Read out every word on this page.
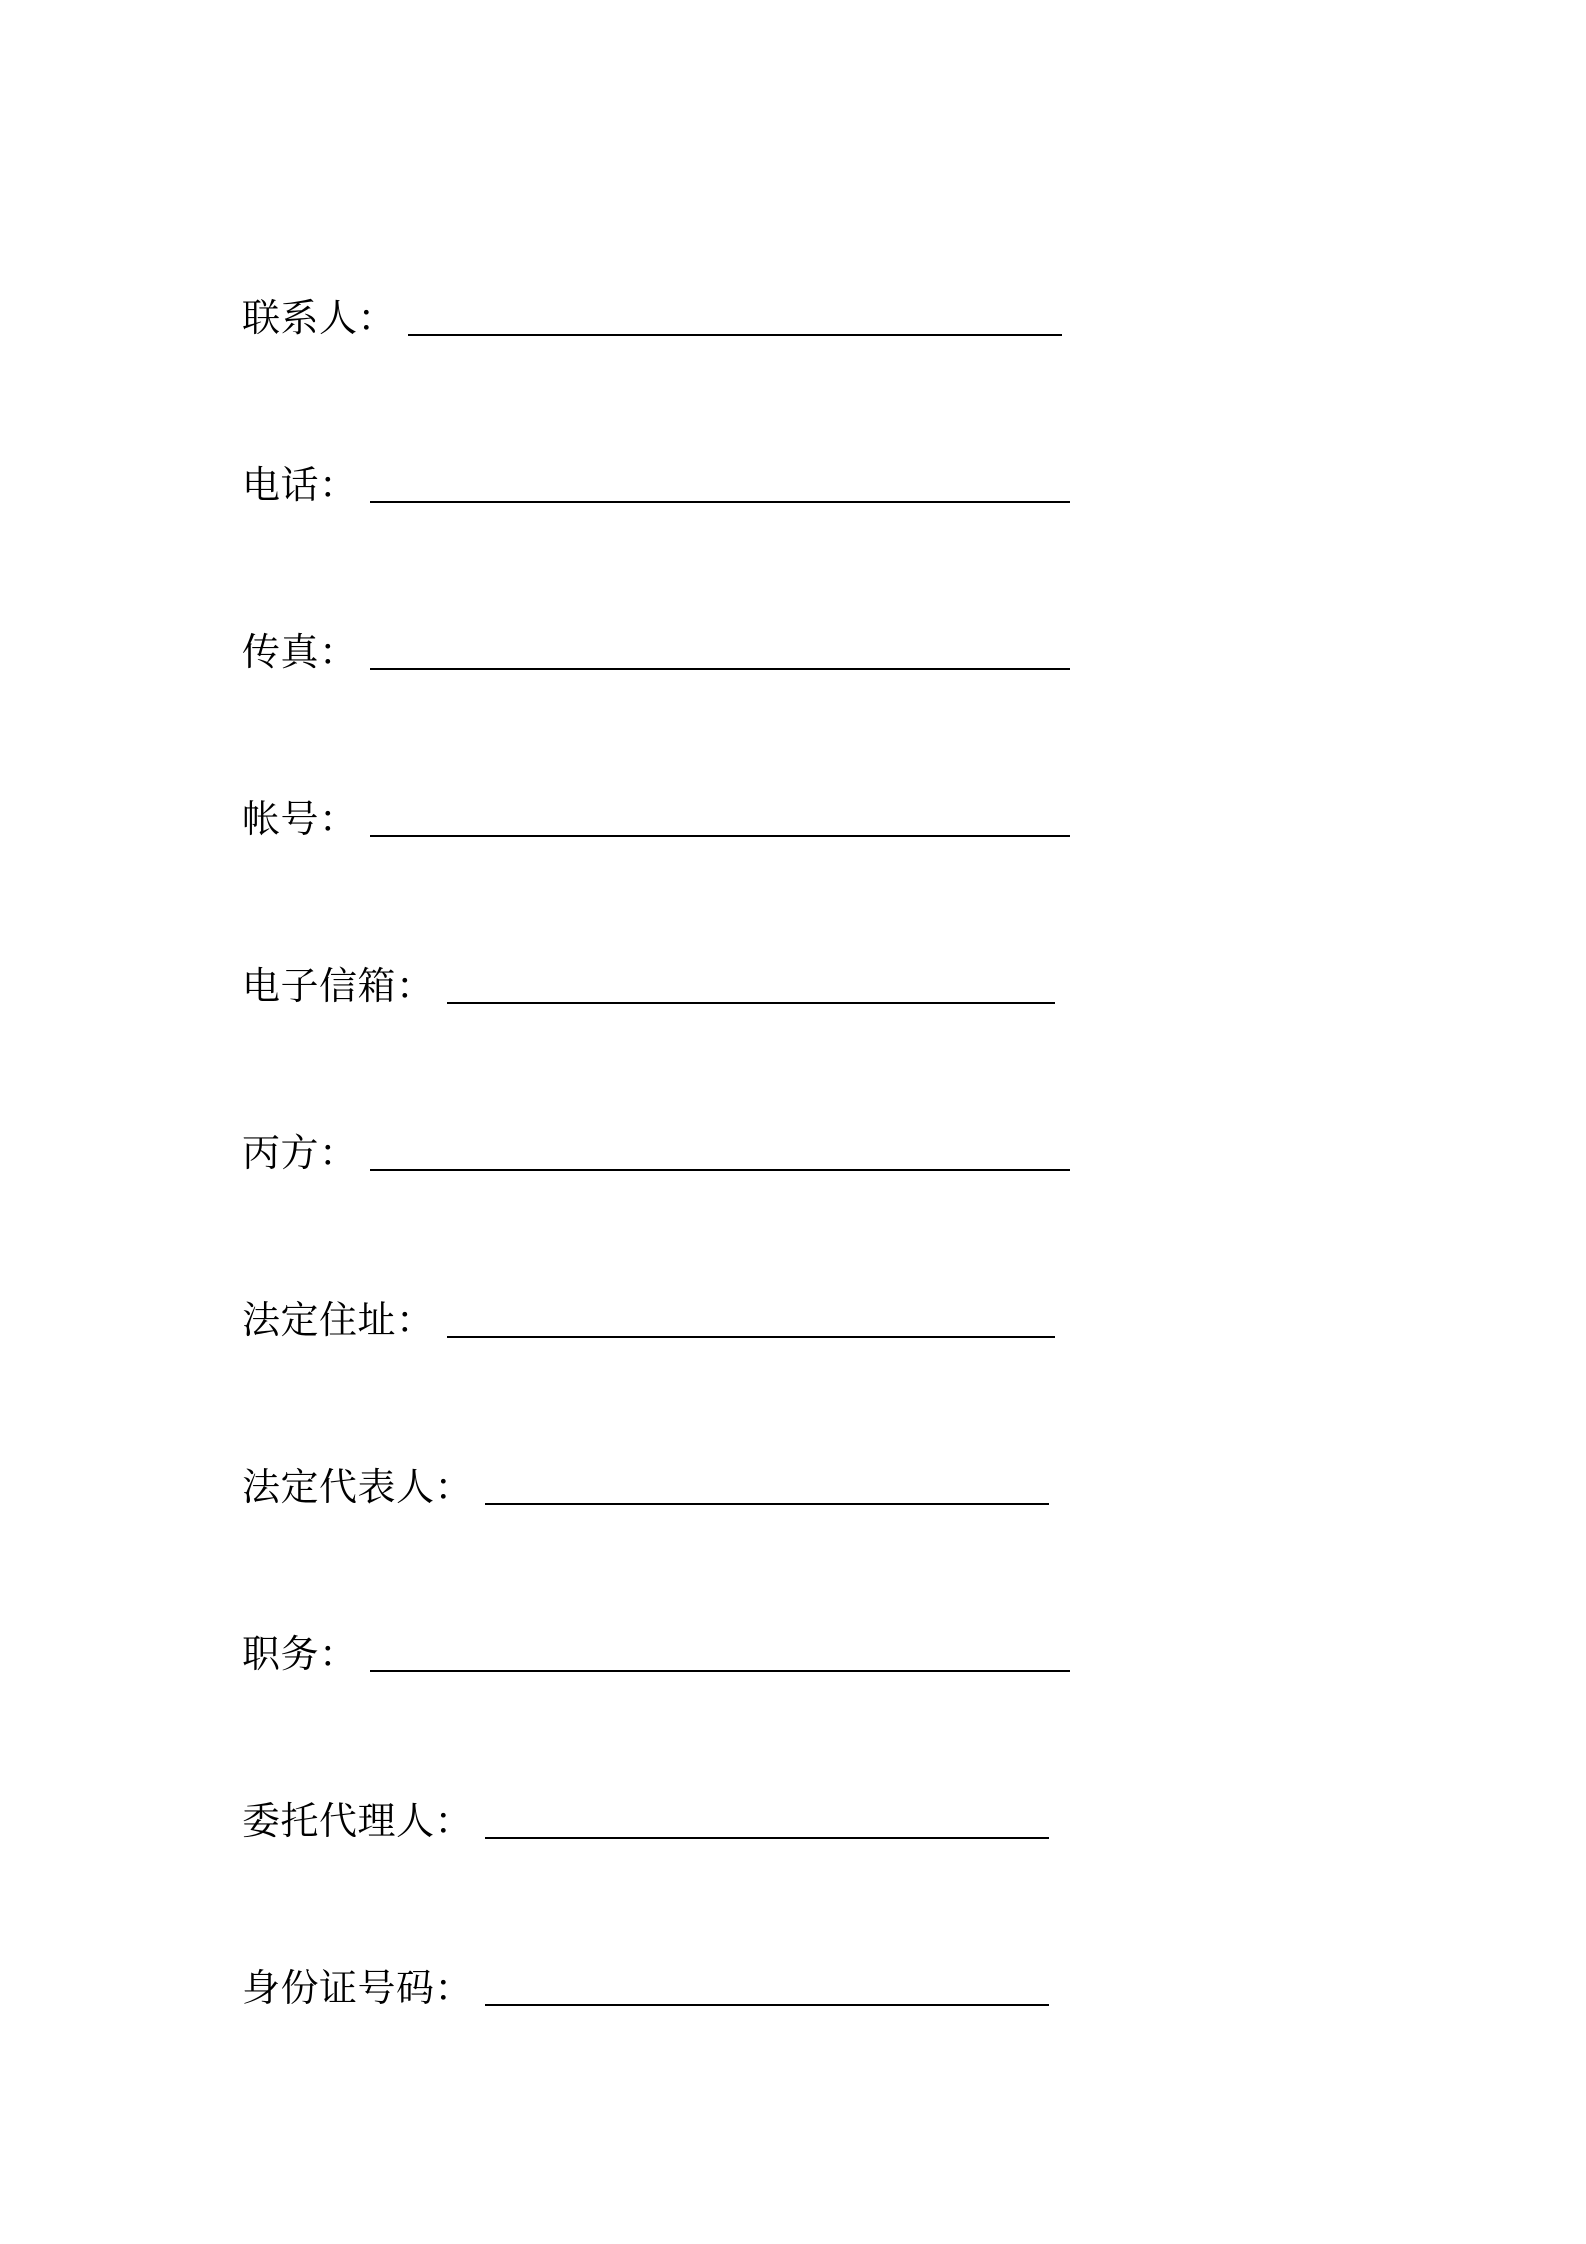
联系人：
电话：
传真：
帐号：
电子信箱：
丙方：
法定住址：
法定代表人：
职务：
委托代理人：
身份证号码：
